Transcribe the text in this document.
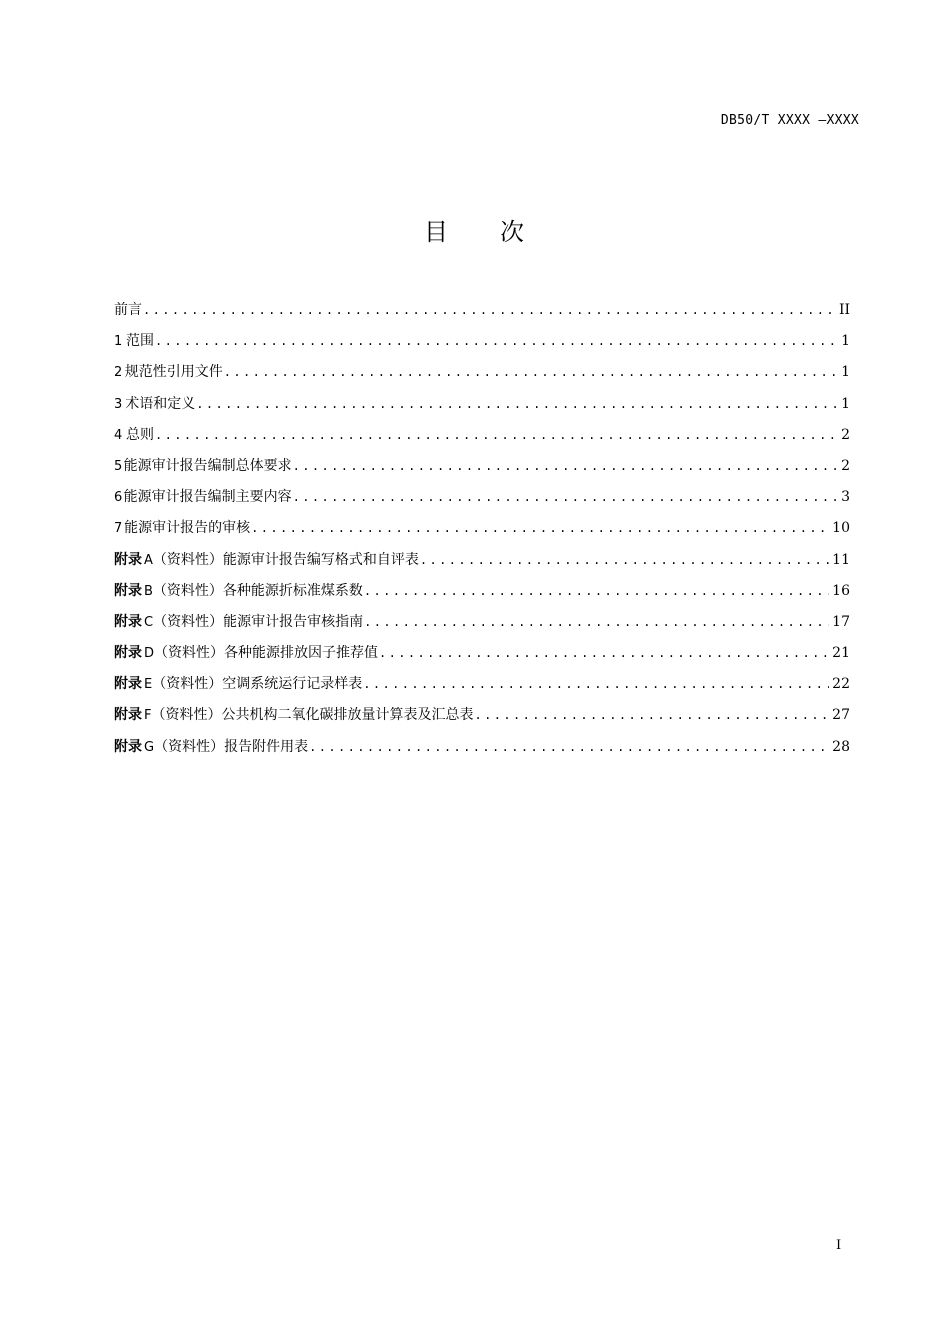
DB50/T XXXX —XXXX
目 次
前言 .....	II
1 范围 .....	1
2 规范性引用文件 .....	1
3 术语和定义 .....	1
4 总则 .....	2
5 能源审计报告编制总体要求 .....	2
6 能源审计报告编制主要内容 .....	3
7 能源审计报告的审核 .....	10
附录 A （资料性）能源审计报告编写格式和自评表 .....	11
附录 B （资料性）各种能源折标准煤系数 .....	16
附录 C （资料性）能源审计报告审核指南 .....	17
附录 D （资料性）各种能源排放因子推荐值 .....	21
附录 E （资料性）空调系统运行记录样表 .....	22
附录 F （资料性）公共机构二氧化碳排放量计算表及汇总表 .....	27
附录 G （资料性）报告附件用表 .....	28
I
